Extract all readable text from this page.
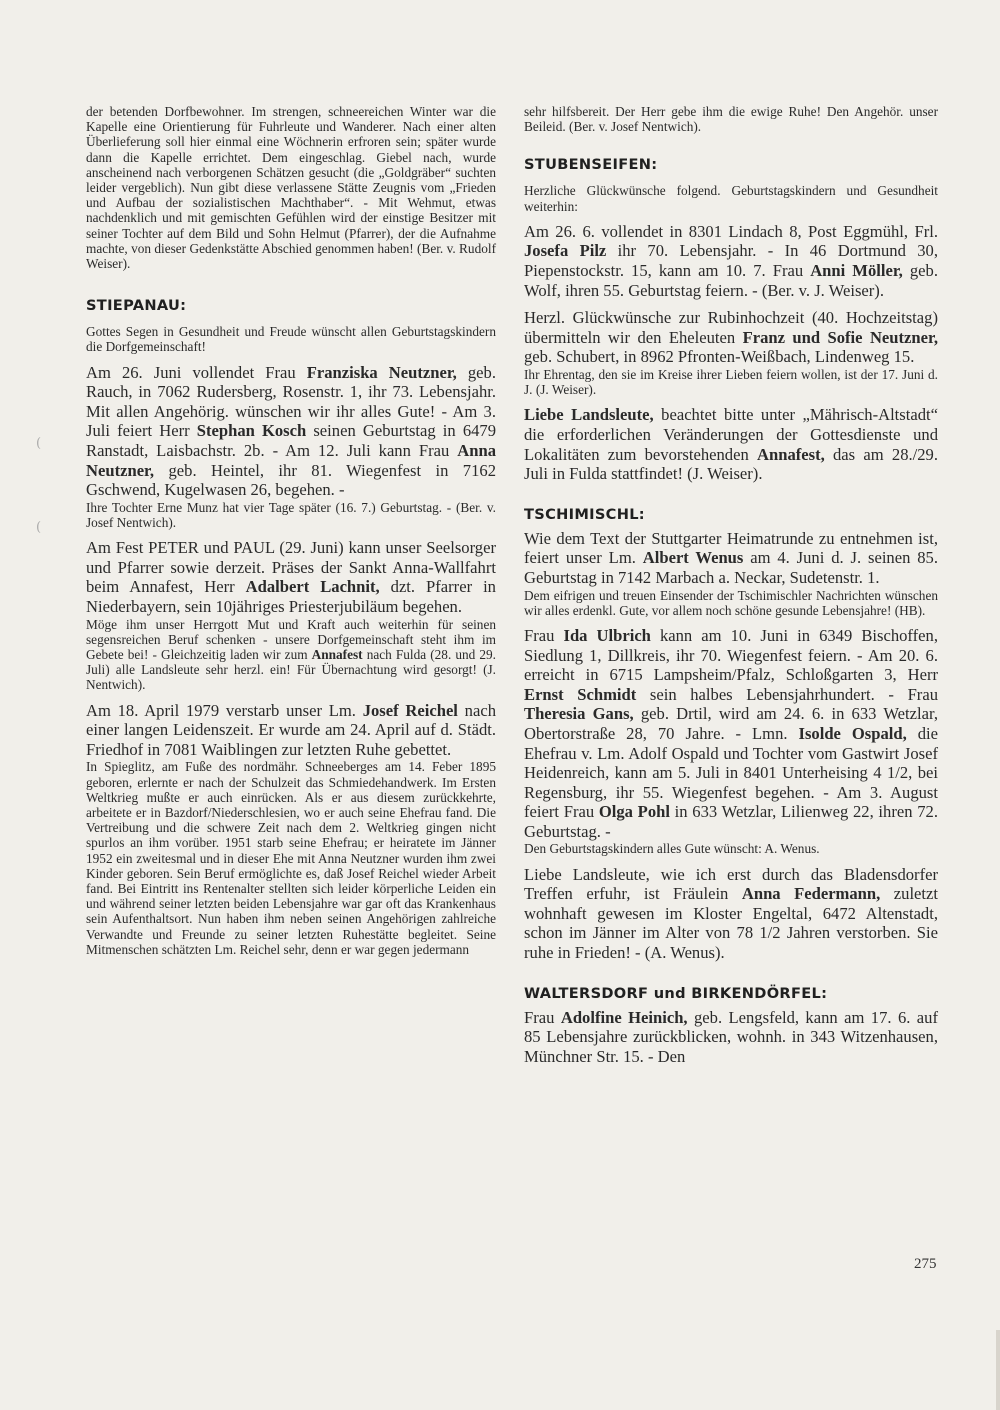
(
(

der betenden Dorfbewohner. Im strengen, schneereichen Winter war die Kapelle eine Orientierung für Fuhrleute und Wanderer. Nach einer alten Überlieferung soll hier einmal eine Wöchnerin erfroren sein; später wurde dann die Kapelle errichtet. Dem eingeschlag. Giebel nach, wurde anscheinend nach verborgenen Schätzen gesucht (die „Goldgräber“ suchten leider vergeblich). Nun gibt diese verlassene Stätte Zeugnis vom „Frieden und Aufbau der sozialistischen Machthaber“. - Mit Wehmut, etwas nachdenklich und mit gemischten Gefühlen wird der einstige Besitzer mit seiner Tochter auf dem Bild und Sohn Helmut (Pfarrer), der die Aufnahme machte, von dieser Gedenkstätte Abschied genommen haben! (Ber. v. Rudolf Weiser).

STIEPANAU:

Gottes Segen in Gesundheit und Freude wünscht allen Geburtstagskindern die Dorfgemeinschaft!

Am 26. Juni vollendet Frau Franziska Neutzner, geb. Rauch, in 7062 Rudersberg, Rosenstr. 1, ihr 73. Lebensjahr. Mit allen Angehörig. wünschen wir ihr alles Gute! - Am 3. Juli feiert Herr Stephan Kosch seinen Geburtstag in 6479 Ranstadt, Laisbachstr. 2b. - Am 12. Juli kann Frau Anna Neutzner, geb. Heintel, ihr 81. Wiegenfest in 7162 Gschwend, Kugelwasen 26, begehen. -

Ihre Tochter Erne Munz hat vier Tage später (16. 7.) Geburtstag. - (Ber. v. Josef Nentwich).

Am Fest PETER und PAUL (29. Juni) kann unser Seelsorger und Pfarrer sowie derzeit. Präses der Sankt Anna-Wallfahrt beim Annafest, Herr Adalbert Lachnit, dzt. Pfarrer in Niederbayern, sein 10jähriges Priesterjubiläum begehen.

Möge ihm unser Herrgott Mut und Kraft auch weiterhin für seinen segensreichen Beruf schenken - unsere Dorfgemeinschaft steht ihm im Gebete bei! - Gleichzeitig laden wir zum Annafest nach Fulda (28. und 29. Juli) alle Landsleute sehr herzl. ein! Für Übernachtung wird gesorgt! (J. Nentwich).

Am 18. April 1979 verstarb unser Lm. Josef Reichel nach einer langen Leidenszeit. Er wurde am 24. April auf d. Städt. Friedhof in 7081 Waiblingen zur letzten Ruhe gebettet.

In Spieglitz, am Fuße des nordmähr. Schneeberges am 14. Feber 1895 geboren, erlernte er nach der Schulzeit das Schmiedehandwerk. Im Ersten Weltkrieg mußte er auch einrücken. Als er aus diesem zurückkehrte, arbeitete er in Bazdorf/Niederschlesien, wo er auch seine Ehefrau fand. Die Vertreibung und die schwere Zeit nach dem 2. Weltkrieg gingen nicht spurlos an ihm vorüber. 1951 starb seine Ehefrau; er heiratete im Jänner 1952 ein zweitesmal und in dieser Ehe mit Anna Neutzner wurden ihm zwei Kinder geboren. Sein Beruf ermöglichte es, daß Josef Reichel wieder Arbeit fand. Bei Eintritt ins Rentenalter stellten sich leider körperliche Leiden ein und während seiner letzten beiden Lebensjahre war gar oft das Krankenhaus sein Aufenthaltsort. Nun haben ihm neben seinen Angehörigen zahlreiche Verwandte und Freunde zu seiner letzten Ruhestätte begleitet. Seine Mitmenschen schätzten Lm. Reichel sehr, denn er war gegen jedermann

sehr hilfsbereit. Der Herr gebe ihm die ewige Ruhe! Den Angehör. unser Beileid. (Ber. v. Josef Nentwich).

STUBENSEIFEN:

Herzliche Glückwünsche folgend. Geburtstagskindern und Gesundheit weiterhin:

Am 26. 6. vollendet in 8301 Lindach 8, Post Eggmühl, Frl. Josefa Pilz ihr 70. Lebensjahr. - In 46 Dortmund 30, Piepenstockstr. 15, kann am 10. 7. Frau Anni Möller, geb. Wolf, ihren 55. Geburtstag feiern. - (Ber. v. J. Weiser).

Herzl. Glückwünsche zur Rubinhochzeit (40. Hochzeitstag) übermitteln wir den Eheleuten Franz und Sofie Neutzner, geb. Schubert, in 8962 Pfronten-Weißbach, Lindenweg 15.

Ihr Ehrentag, den sie im Kreise ihrer Lieben feiern wollen, ist der 17. Juni d. J. (J. Weiser).

Liebe Landsleute, beachtet bitte unter „Mährisch-Altstadt“ die erforderlichen Veränderungen der Gottesdienste und Lokalitäten zum bevorstehenden Annafest, das am 28./29. Juli in Fulda stattfindet! (J. Weiser).

TSCHIMISCHL:

Wie dem Text der Stuttgarter Heimatrunde zu entnehmen ist, feiert unser Lm. Albert Wenus am 4. Juni d. J. seinen 85. Geburtstag in 7142 Marbach a. Neckar, Sudetenstr. 1.

Dem eifrigen und treuen Einsender der Tschimischler Nachrichten wünschen wir alles erdenkl. Gute, vor allem noch schöne gesunde Lebensjahre! (HB).

Frau Ida Ulbrich kann am 10. Juni in 6349 Bischoffen, Siedlung 1, Dillkreis, ihr 70. Wiegenfest feiern. - Am 20. 6. erreicht in 6715 Lampsheim/Pfalz, Schloßgarten 3, Herr Ernst Schmidt sein halbes Lebensjahrhundert. - Frau Theresia Gans, geb. Drtil, wird am 24. 6. in 633 Wetzlar, Obertorstraße 28, 70 Jahre. - Lmn. Isolde Ospald, die Ehefrau v. Lm. Adolf Ospald und Tochter vom Gastwirt Josef Heidenreich, kann am 5. Juli in 8401 Unterheising 4 1/2, bei Regensburg, ihr 55. Wiegenfest begehen. - Am 3. August feiert Frau Olga Pohl in 633 Wetzlar, Lilienweg 22, ihren 72. Geburtstag. -

Den Geburtstagskindern alles Gute wünscht: A. Wenus.

Liebe Landsleute, wie ich erst durch das Bladensdorfer Treffen erfuhr, ist Fräulein Anna Federmann, zuletzt wohnhaft gewesen im Kloster Engeltal, 6472 Altenstadt, schon im Jänner im Alter von 78 1/2 Jahren verstorben. Sie ruhe in Frieden! - (A. Wenus).

WALTERSDORF und BIRKENDÖRFEL:

Frau Adolfine Heinich, geb. Lengsfeld, kann am 17. 6. auf 85 Lebensjahre zurückblicken, wohnh. in 343 Witzenhausen, Münchner Str. 15. - Den

275
